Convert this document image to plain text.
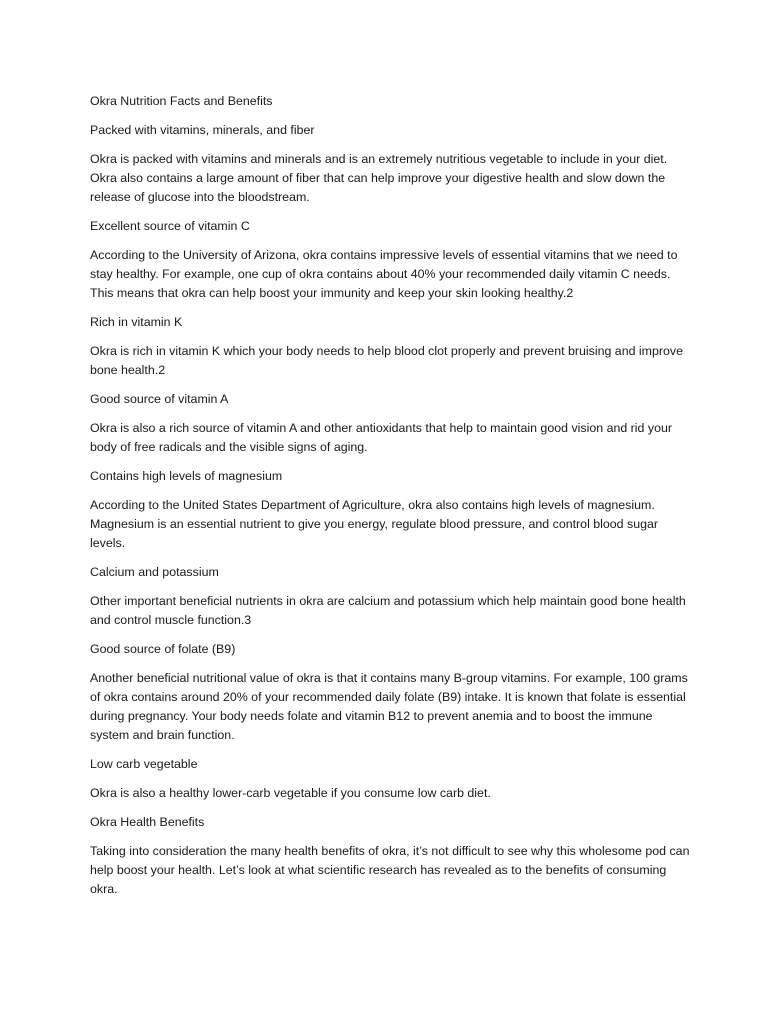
Okra Nutrition Facts and Benefits
Packed with vitamins, minerals, and fiber

Okra is packed with vitamins and minerals and is an extremely nutritious vegetable to include in your diet. Okra also contains a large amount of fiber that can help improve your digestive health and slow down the release of glucose into the bloodstream.

Excellent source of vitamin C

According to the University of Arizona, okra contains impressive levels of essential vitamins that we need to stay healthy. For example, one cup of okra contains about 40% your recommended daily vitamin C needs. This means that okra can help boost your immunity and keep your skin looking healthy.2

Rich in vitamin K

Okra is rich in vitamin K which your body needs to help blood clot properly and prevent bruising and improve bone health.2

Good source of vitamin A

Okra is also a rich source of vitamin A and other antioxidants that help to maintain good vision and rid your body of free radicals and the visible signs of aging.

Contains high levels of magnesium

According to the United States Department of Agriculture, okra also contains high levels of magnesium. Magnesium is an essential nutrient to give you energy, regulate blood pressure, and control blood sugar levels.

Calcium and potassium

Other important beneficial nutrients in okra are calcium and potassium which help maintain good bone health and control muscle function.3

Good source of folate (B9)

Another beneficial nutritional value of okra is that it contains many B-group vitamins. For example, 100 grams of okra contains around 20% of your recommended daily folate (B9) intake. It is known that folate is essential during pregnancy. Your body needs folate and vitamin B12 to prevent anemia and to boost the immune system and brain function.

Low carb vegetable

Okra is also a healthy lower-carb vegetable if you consume low carb diet.

Okra Health Benefits

Taking into consideration the many health benefits of okra, it’s not difficult to see why this wholesome pod can help boost your health. Let’s look at what scientific research has revealed as to the benefits of consuming okra.
